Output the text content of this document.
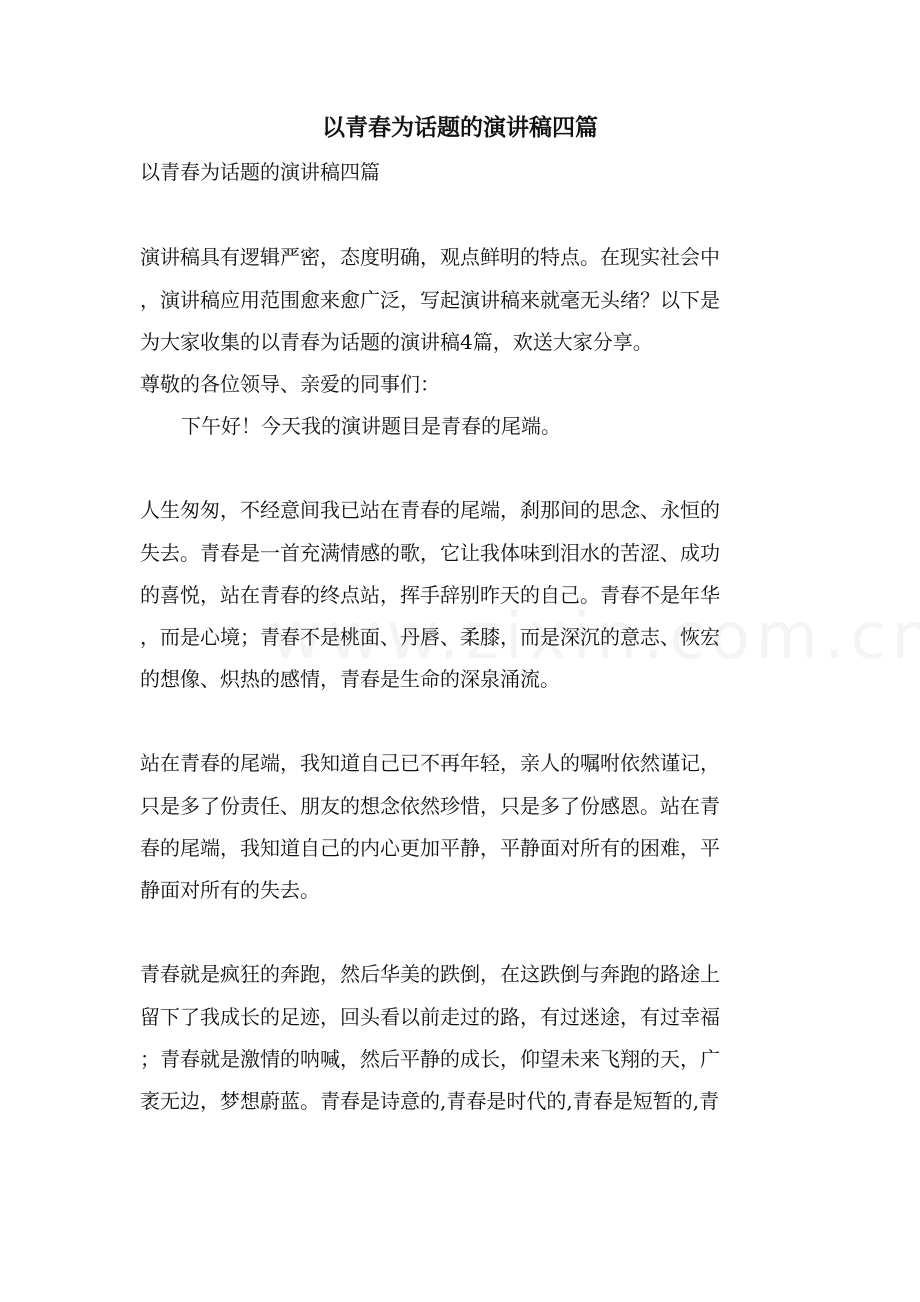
以青春为话题的演讲稿四篇
以青春为话题的演讲稿四篇
演讲稿具有逻辑严密，态度明确，观点鲜明的特点。在现实社会中
，演讲稿应用范围愈来愈广泛，写起演讲稿来就毫无头绪？以下是
为大家收集的以青春为话题的演讲稿4篇，欢送大家分享。
尊敬的各位领导、亲爱的同事们：
下午好！今天我的演讲题目是青春的尾端。
人生匆匆，不经意间我已站在青春的尾端，刹那间的思念、永恒的
失去。青春是一首充满情感的歌，它让我体味到泪水的苦涩、成功
的喜悦，站在青春的终点站，挥手辞别昨天的自己。青春不是年华
，而是心境；青春不是桃面、丹唇、柔膝，而是深沉的意志、恢宏
的想像、炽热的感情，青春是生命的深泉涌流。
站在青春的尾端，我知道自己已不再年轻，亲人的嘱咐依然谨记，
只是多了份责任、朋友的想念依然珍惜，只是多了份感恩。站在青
春的尾端，我知道自己的内心更加平静，平静面对所有的困难，平
静面对所有的失去。
青春就是疯狂的奔跑，然后华美的跌倒，在这跌倒与奔跑的路途上
留下了我成长的足迹，回头看以前走过的路，有过迷途，有过幸福
；青春就是激情的呐喊，然后平静的成长，仰望未来飞翔的天，广
袤无边，梦想蔚蓝。青春是诗意的,青春是时代的,青春是短暂的,青
